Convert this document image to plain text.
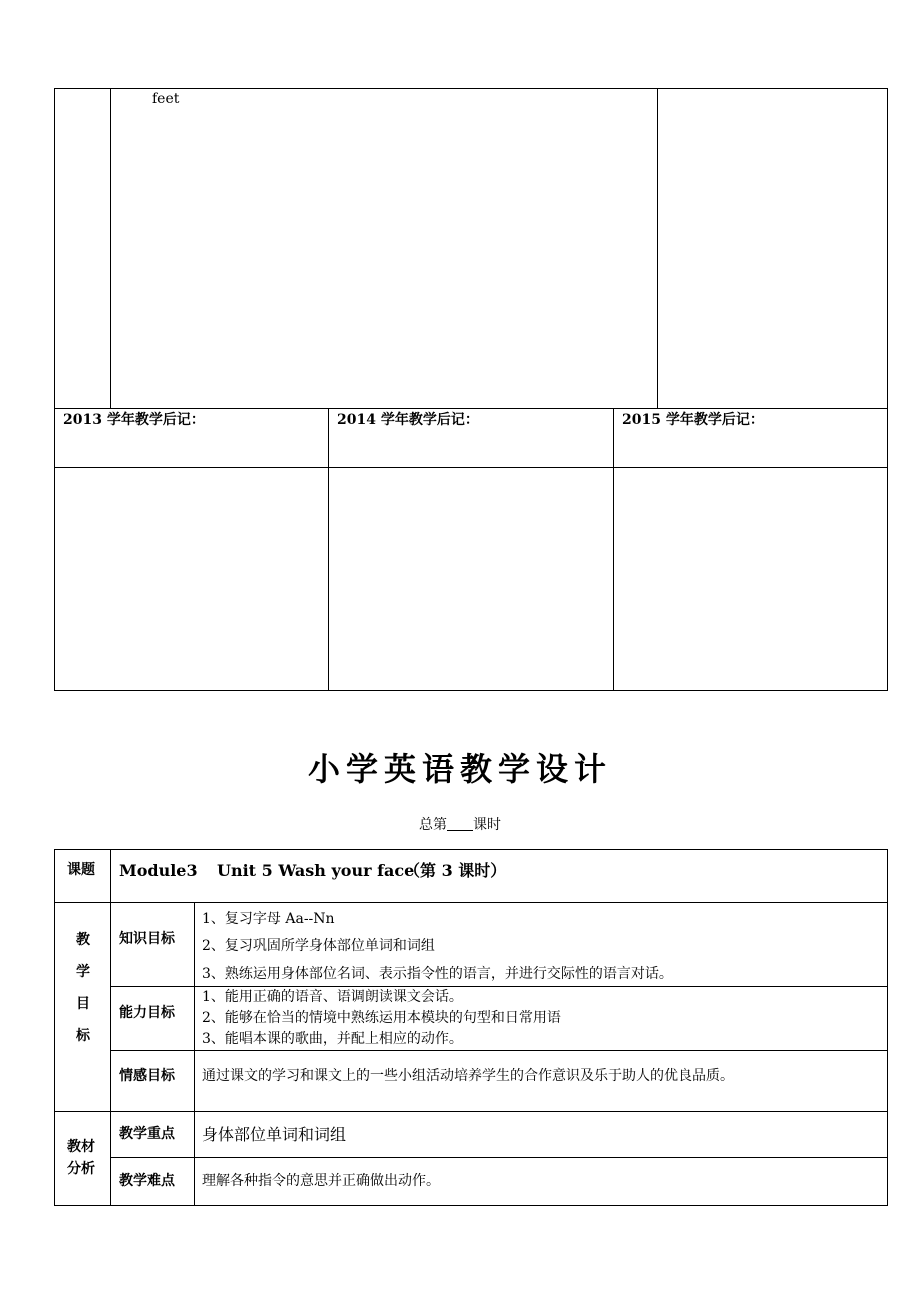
feet
2013 学年教学后记：	2014 学年教学后记：	2015 学年教学后记：
小学英语教学设计
总第 课时
课题 Module3 Unit 5 Wash your face
（第 3 课时）
教
学
目
标
知识目标
1、复习字母 Aa--Nn
2、复习巩固所学身体部位单词和词组
3、熟练运用身体部位名词、表示指令性的语言，并进行交际性的语言对话。
能力目标
1、能用正确的语音、语调朗读课文会话。
2、能够在恰当的情境中熟练运用本模块的句型和日常用语
3、能唱本课的歌曲，并配上相应的动作。
情感目标 通过课文的学习和课文上的一些小组活动培养学生的合作意识及乐于助人的优良品质。
教材
分析
教学重点 身体部位单词和词组
教学难点 理解各种指令的意思并正确做出动作。
